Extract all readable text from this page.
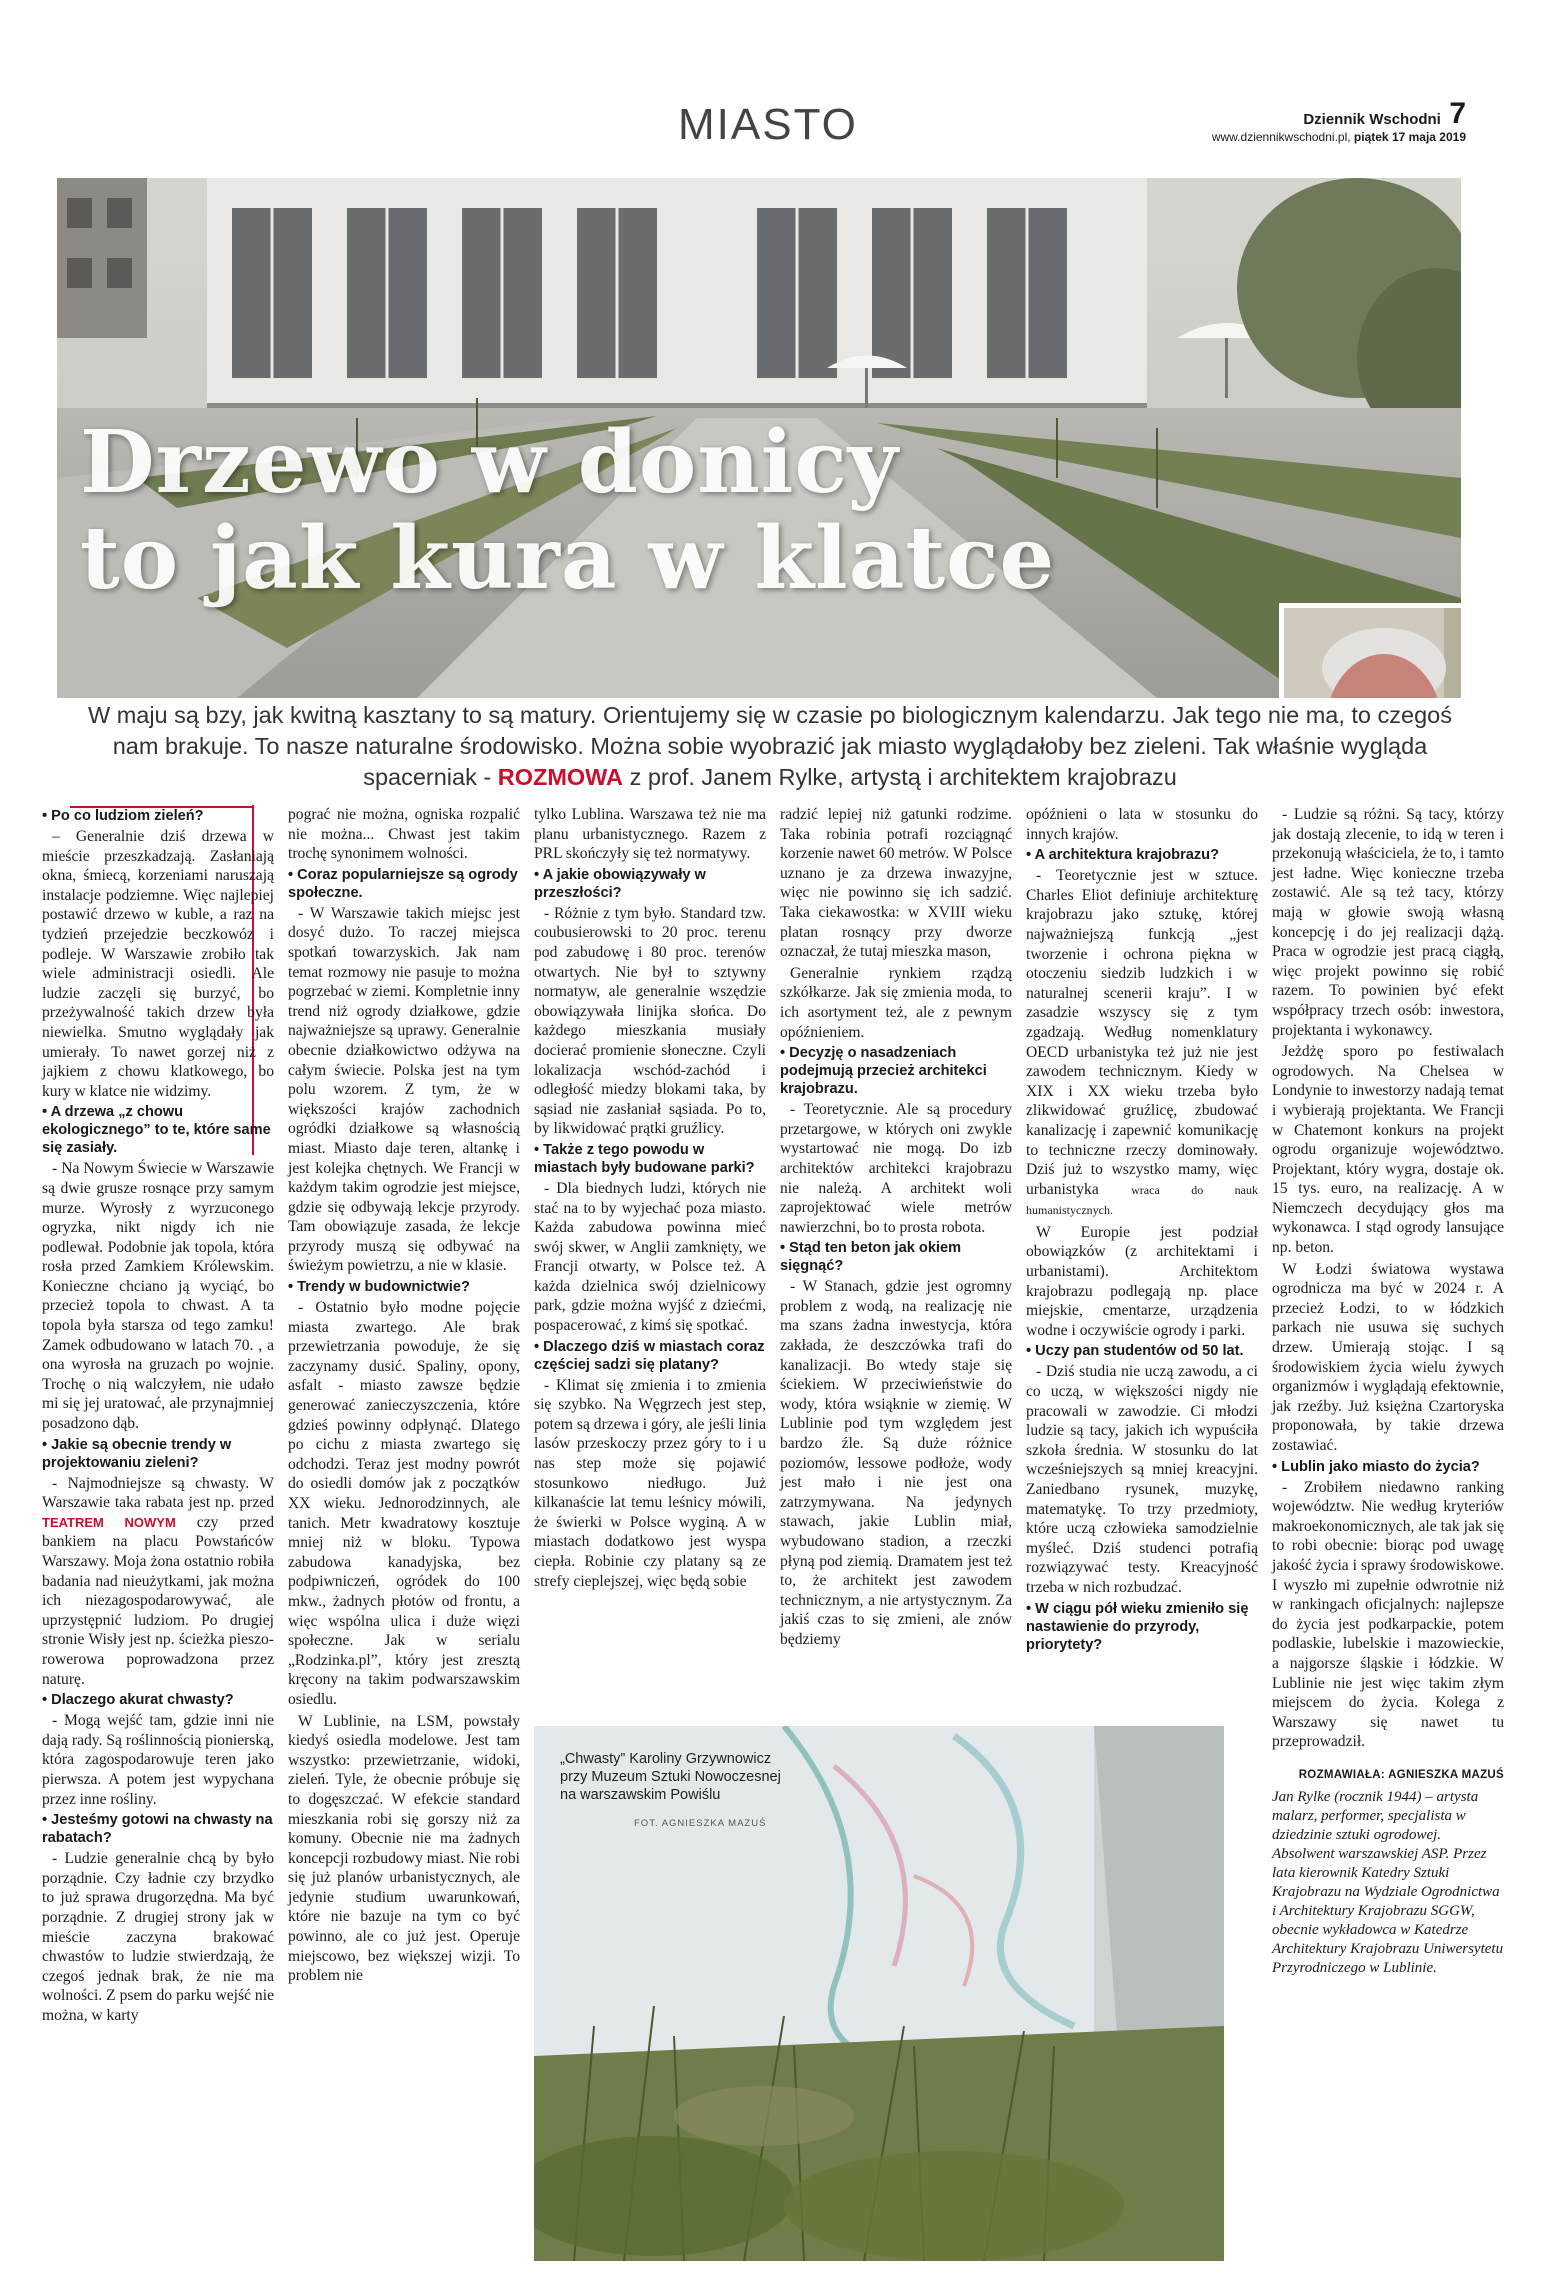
MIASTO	Dziennik Wschodni 7
www.dziennikwschodni.pl, piątek 17 maja 2019
Drzewo w donicy
to jak kura w klatce

W maju są bzy, jak kwitną kasztany to są matury. Orientujemy się w czasie po biologicznym kalendarzu. Jak tego nie ma, to czegoś nam brakuje. To nasze naturalne środowisko. Można sobie wyobrazić jak miasto wyglądałoby bez zieleni. Tak właśnie wygląda spacerniak - ROZMOWA z prof. Janem Rylke, artystą i architektem krajobrazu

• Po co ludziom zieleń?

– Generalnie dziś drzewa w mieście przeszkadzają. Zasłaniają okna, śmiecą, korzeniami naruszają instalacje podziemne. Więc najlepiej postawić drzewo w kuble, a raz na tydzień przejedzie beczkowóz i podleje. W Warszawie zrobiło tak wiele administracji osiedli. Ale ludzie zaczęli się burzyć, bo przeżywalność takich drzew była niewielka. Smutno wyglądały jak umierały. To nawet gorzej niż z jajkiem z chowu klatkowego, bo kury w klatce nie widzimy.

• A drzewa „z chowu ekologicznego” to te, które same się zasiały.

- Na Nowym Świecie w Warszawie są dwie grusze rosnące przy samym murze. Wyrosły z wyrzuconego ogryzka, nikt nigdy ich nie podlewał. Podobnie jak topola, która rosła przed Zamkiem Królewskim. Konieczne chciano ją wyciąć, bo przecież topola to chwast. A ta topola była starsza od tego zamku! Zamek odbudowano w latach 70. , a ona wyrosła na gruzach po wojnie. Trochę o nią walczyłem, nie udało mi się jej uratować, ale przynajmniej posadzono dąb.

• Jakie są obecnie trendy w projektowaniu zieleni?

- Najmodniejsze są chwasty. W Warszawie taka rabata jest np. przed TEATREM NOWYM czy przed bankiem na placu Powstańców Warszawy. Moja żona ostatnio robiła badania nad nieużytkami, jak można ich niezagospodarowywać, ale uprzystępnić ludziom. Po drugiej stronie Wisły jest np. ścieżka pieszo-rowerowa poprowadzona przez naturę.

• Dlaczego akurat chwasty?

- Mogą wejść tam, gdzie inni nie dają rady. Są roślinnością pionierską, która zagospodarowuje teren jako pierwsza. A potem jest wypychana przez inne rośliny.

• Jesteśmy gotowi na chwasty na rabatach?

- Ludzie generalnie chcą by było porządnie. Czy ładnie czy brzydko to już sprawa drugorzędna. Ma być porządnie. Z drugiej strony jak w mieście zaczyna brakować chwastów to ludzie stwierdzają, że czegoś jednak brak, że nie ma wolności. Z psem do parku wejść nie można, w karty

pograć nie można, ogniska rozpalić nie można... Chwast jest takim trochę synonimem wolności.

• Coraz popularniejsze są ogrody społeczne.

- W Warszawie takich miejsc jest dosyć dużo. To raczej miejsca spotkań towarzyskich. Jak nam temat rozmowy nie pasuje to można pogrzebać w ziemi. Kompletnie inny trend niż ogrody działkowe, gdzie najważniejsze są uprawy. Generalnie obecnie działkowictwo odżywa na całym świecie. Polska jest na tym polu wzorem. Z tym, że w większości krajów zachodnich ogródki działkowe są własnością miast. Miasto daje teren, altankę i jest kolejka chętnych. We Francji w każdym takim ogrodzie jest miejsce, gdzie się odbywają lekcje przyrody. Tam obowiązuje zasada, że lekcje przyrody muszą się odbywać na świeżym powietrzu, a nie w klasie.

• Trendy w budownictwie?

- Ostatnio było modne pojęcie miasta zwartego. Ale brak przewietrzania powoduje, że się zaczynamy dusić. Spaliny, opony, asfalt - miasto zawsze będzie generować zanieczyszczenia, które gdzieś powinny odpłynąć. Dlatego po cichu z miasta zwartego się odchodzi. Teraz jest modny powrót do osiedli domów jak z początków XX wieku. Jednorodzinnych, ale tanich. Metr kwadratowy kosztuje mniej niż w bloku. Typowa zabudowa kanadyjska, bez podpiwniczeń, ogródek do 100 mkw., żadnych płotów od frontu, a więc wspólna ulica i duże więzi społeczne. Jak w serialu „Rodzinka.pl”, który jest zresztą kręcony na takim podwarszawskim osiedlu.

W Lublinie, na LSM, powstały kiedyś osiedla modelowe. Jest tam wszystko: przewietrzanie, widoki, zieleń. Tyle, że obecnie próbuje się to dogęszczać. W efekcie standard mieszkania robi się gorszy niż za komuny. Obecnie nie ma żadnych koncepcji rozbudowy miast. Nie robi się już planów urbanistycznych, ale jedynie studium uwarunkowań, które nie bazuje na tym co być powinno, ale co już jest. Operuje miejscowo, bez większej wizji. To problem nie

tylko Lublina. Warszawa też nie ma planu urbanistycznego. Razem z PRL skończyły się też normatywy.

• A jakie obowiązywały w przeszłości?

- Różnie z tym było. Standard tzw. coubusierowski to 20 proc. terenu pod zabudowę i 80 proc. terenów otwartych. Nie był to sztywny normatyw, ale generalnie wszędzie obowiązywała linijka słońca. Do każdego mieszkania musiały docierać promienie słoneczne. Czyli lokalizacja wschód-zachód i odległość miedzy blokami taka, by sąsiad nie zasłaniał sąsiada. Po to, by likwidować prątki gruźlicy.

• Także z tego powodu w miastach były budowane parki?

- Dla biednych ludzi, których nie stać na to by wyjechać poza miasto. Każda zabudowa powinna mieć swój skwer, w Anglii zamknięty, we Francji otwarty, w Polsce też. A każda dzielnica swój dzielnicowy park, gdzie można wyjść z dziećmi, pospacerować, z kimś się spotkać.

• Dlaczego dziś w miastach coraz częściej sadzi się platany?

- Klimat się zmienia i to zmienia się szybko. Na Węgrzech jest step, potem są drzewa i góry, ale jeśli linia lasów przeskoczy przez góry to i u nas step może się pojawić stosunkowo niedługo. Już kilkanaście lat temu leśnicy mówili, że świerki w Polsce wyginą. A w miastach dodatkowo jest wyspa ciepła. Robinie czy platany są ze strefy cieplejszej, więc będą sobie

radzić lepiej niż gatunki rodzime. Taka robinia potrafi rozciągnąć korzenie nawet 60 metrów. W Polsce uznano je za drzewa inwazyjne, więc nie powinno się ich sadzić. Taka ciekawostka: w XVIII wieku platan rosnący przy dworze oznaczał, że tutaj mieszka mason,

Generalnie rynkiem rządzą szkółkarze. Jak się zmienia moda, to ich asortyment też, ale z pewnym opóźnieniem.

• Decyzję o nasadzeniach podejmują przecież architekci krajobrazu.

- Teoretycznie. Ale są procedury przetargowe, w których oni zwykle wystartować nie mogą. Do izb architektów architekci krajobrazu nie należą. A architekt woli zaprojektować wiele metrów nawierzchni, bo to prosta robota.

• Stąd ten beton jak okiem sięgnąć?

- W Stanach, gdzie jest ogromny problem z wodą, na realizację nie ma szans żadna inwestycja, która zakłada, że deszczówka trafi do kanalizacji. Bo wtedy staje się ściekiem. W przeciwieństwie do wody, która wsiąknie w ziemię. W Lublinie pod tym względem jest bardzo źle. Są duże różnice poziomów, lessowe podłoże, wody jest mało i nie jest ona zatrzymywana. Na jedynych stawach, jakie Lublin miał, wybudowano stadion, a rzeczki płyną pod ziemią. Dramatem jest też to, że architekt jest zawodem technicznym, a nie artystycznym. Za jakiś czas to się zmieni, ale znów będziemy

opóźnieni o lata w stosunku do innych krajów.

• A architektura krajobrazu?

- Teoretycznie jest w sztuce. Charles Eliot definiuje architekturę krajobrazu jako sztukę, której najważniejszą funkcją „jest tworzenie i ochrona piękna w otoczeniu siedzib ludzkich i w naturalnej scenerii kraju”. I w zasadzie wszyscy się z tym zgadzają. Według nomenklatury OECD urbanistyka też już nie jest zawodem technicznym. Kiedy w XIX i XX wieku trzeba było zlikwidować gruźlicę, zbudować kanalizację i zapewnić komunikację to techniczne rzeczy dominowały. Dziś już to wszystko mamy, więc urbanistyka	wraca do nauk humanistycznych.

W Europie jest podział obowiązków (z architektami i urbanistami). Architektom krajobrazu podlegają np. place miejskie, cmentarze, urządzenia wodne i oczywiście ogrody i parki.

• Uczy pan studentów od 50 lat.

- Dziś studia nie uczą zawodu, a ci co uczą, w większości nigdy nie pracowali w zawodzie. Ci młodzi ludzie są tacy, jakich ich wypuściła szkoła średnia. W stosunku do lat wcześniejszych są mniej kreacyjni. Zaniedbano rysunek, muzykę, matematykę. To trzy przedmioty, które uczą człowieka samodzielnie myśleć. Dziś studenci potrafią rozwiązywać testy. Kreacyjność trzeba w nich rozbudzać.

• W ciągu pół wieku zmieniło się nastawienie do przyrody, priorytety?

- Ludzie są różni. Są tacy, którzy jak dostają zlecenie, to idą w teren i przekonują właściciela, że to, i tamto jest ładne. Więc konieczne trzeba zostawić. Ale są też tacy, którzy mają w głowie swoją własną koncepcję i do jej realizacji dążą. Praca w ogrodzie jest pracą ciągłą, więc projekt powinno się robić razem. To powinien być efekt współpracy trzech osób: inwestora, projektanta i wykonawcy.

Jeżdżę sporo po festiwalach ogrodowych. Na Chelsea w Londynie to inwestorzy nadają temat i wybierają projektanta. We Francji w Chatemont konkurs na projekt ogrodu organizuje województwo. Projektant, który wygra, dostaje ok. 15 tys. euro, na realizację. A w Niemczech decydujący głos ma wykonawca. I stąd ogrody lansujące np. beton.

W Łodzi światowa wystawa ogrodnicza ma być w 2024 r. A przecież Łodzi, to w łódzkich parkach nie usuwa się suchych drzew. Umierają stojąc. I są środowiskiem życia wielu żywych organizmów i wyglądają efektownie, jak rzeźby. Już księżna Czartoryska proponowała, by takie drzewa zostawiać.

• Lublin jako miasto do życia?

- Zrobiłem niedawno ranking województw. Nie według kryteriów makroekonomicznych, ale tak jak się to robi obecnie: biorąc pod uwagę jakość życia i sprawy środowiskowe. I wyszło mi zupełnie odwrotnie niż w rankingach oficjalnych: najlepsze do życia jest podkarpackie, potem podlaskie, lubelskie i mazowieckie, a najgorsze śląskie i łódzkie. W Lublinie nie jest więc takim złym miejscem do życia. Kolega z Warszawy się nawet tu przeprowadził.

ROZMAWIAŁA: AGNIESZKA MAZUŚ

Jan Rylke (rocznik 1944) – artysta malarz, performer, specjalista w dziedzinie sztuki ogrodowej. Absolwent warszawskiej ASP. Przez lata kierownik Katedry Sztuki Krajobrazu na Wydziale Ogrodnictwa i Architektury Krajobrazu SGGW, obecnie wykładowca w Katedrze Architektury Krajobrazu Uniwersytetu Przyrodniczego w Lublinie.

„Chwasty” Karoliny Grzywnowicz przy Muzeum Sztuki Nowoczesnej na warszawskim Powiślu

FOT. AGNIESZKA MAZUŚ
